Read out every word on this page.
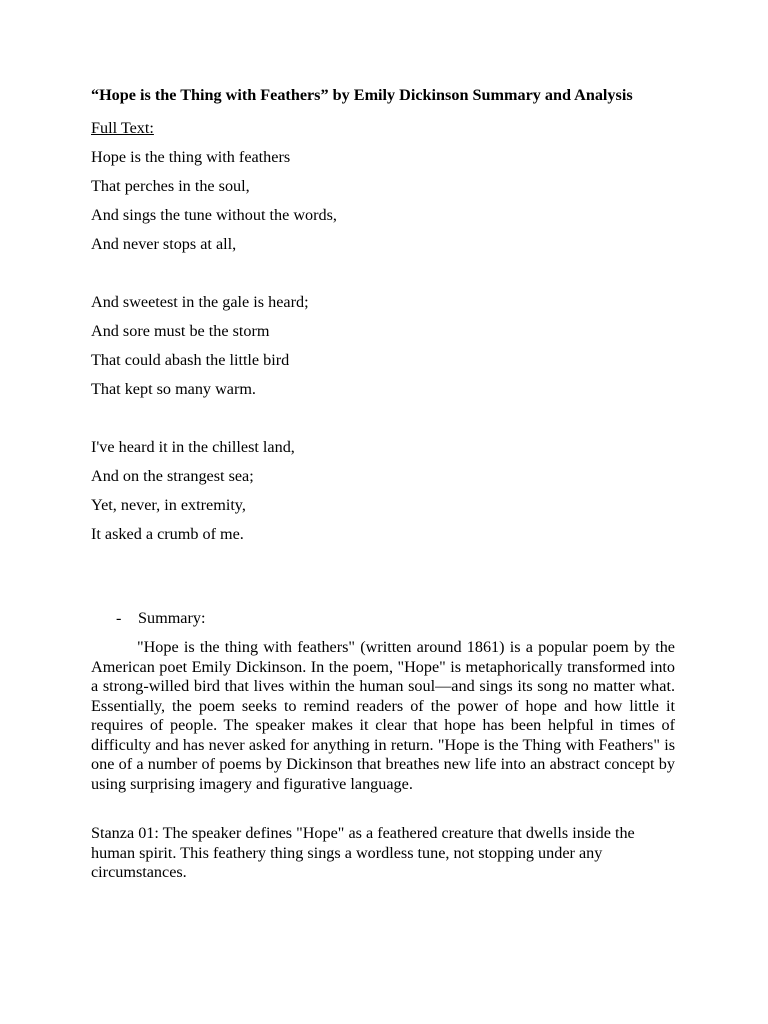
“Hope is the Thing with Feathers” by Emily Dickinson Summary and Analysis

Full Text:
Hope is the thing with feathers
That perches in the soul,
And sings the tune without the words,
And never stops at all,
And sweetest in the gale is heard;
And sore must be the storm
That could abash the little bird
That kept so many warm.
I've heard it in the chillest land,
And on the strangest sea;
Yet, never, in extremity,
It asked a crumb of me.
- Summary:

"Hope is the thing with feathers" (written around 1861) is a popular poem by the American poet Emily Dickinson. In the poem, "Hope" is metaphorically transformed into a strong-willed bird that lives within the human soul—and sings its song no matter what. Essentially, the poem seeks to remind readers of the power of hope and how little it requires of people. The speaker makes it clear that hope has been helpful in times of difficulty and has never asked for anything in return. "Hope is the Thing with Feathers" is one of a number of poems by Dickinson that breathes new life into an abstract concept by using surprising imagery and figurative language.

Stanza 01: The speaker defines "Hope" as a feathered creature that dwells inside the human spirit. This feathery thing sings a wordless tune, not stopping under any circumstances.
